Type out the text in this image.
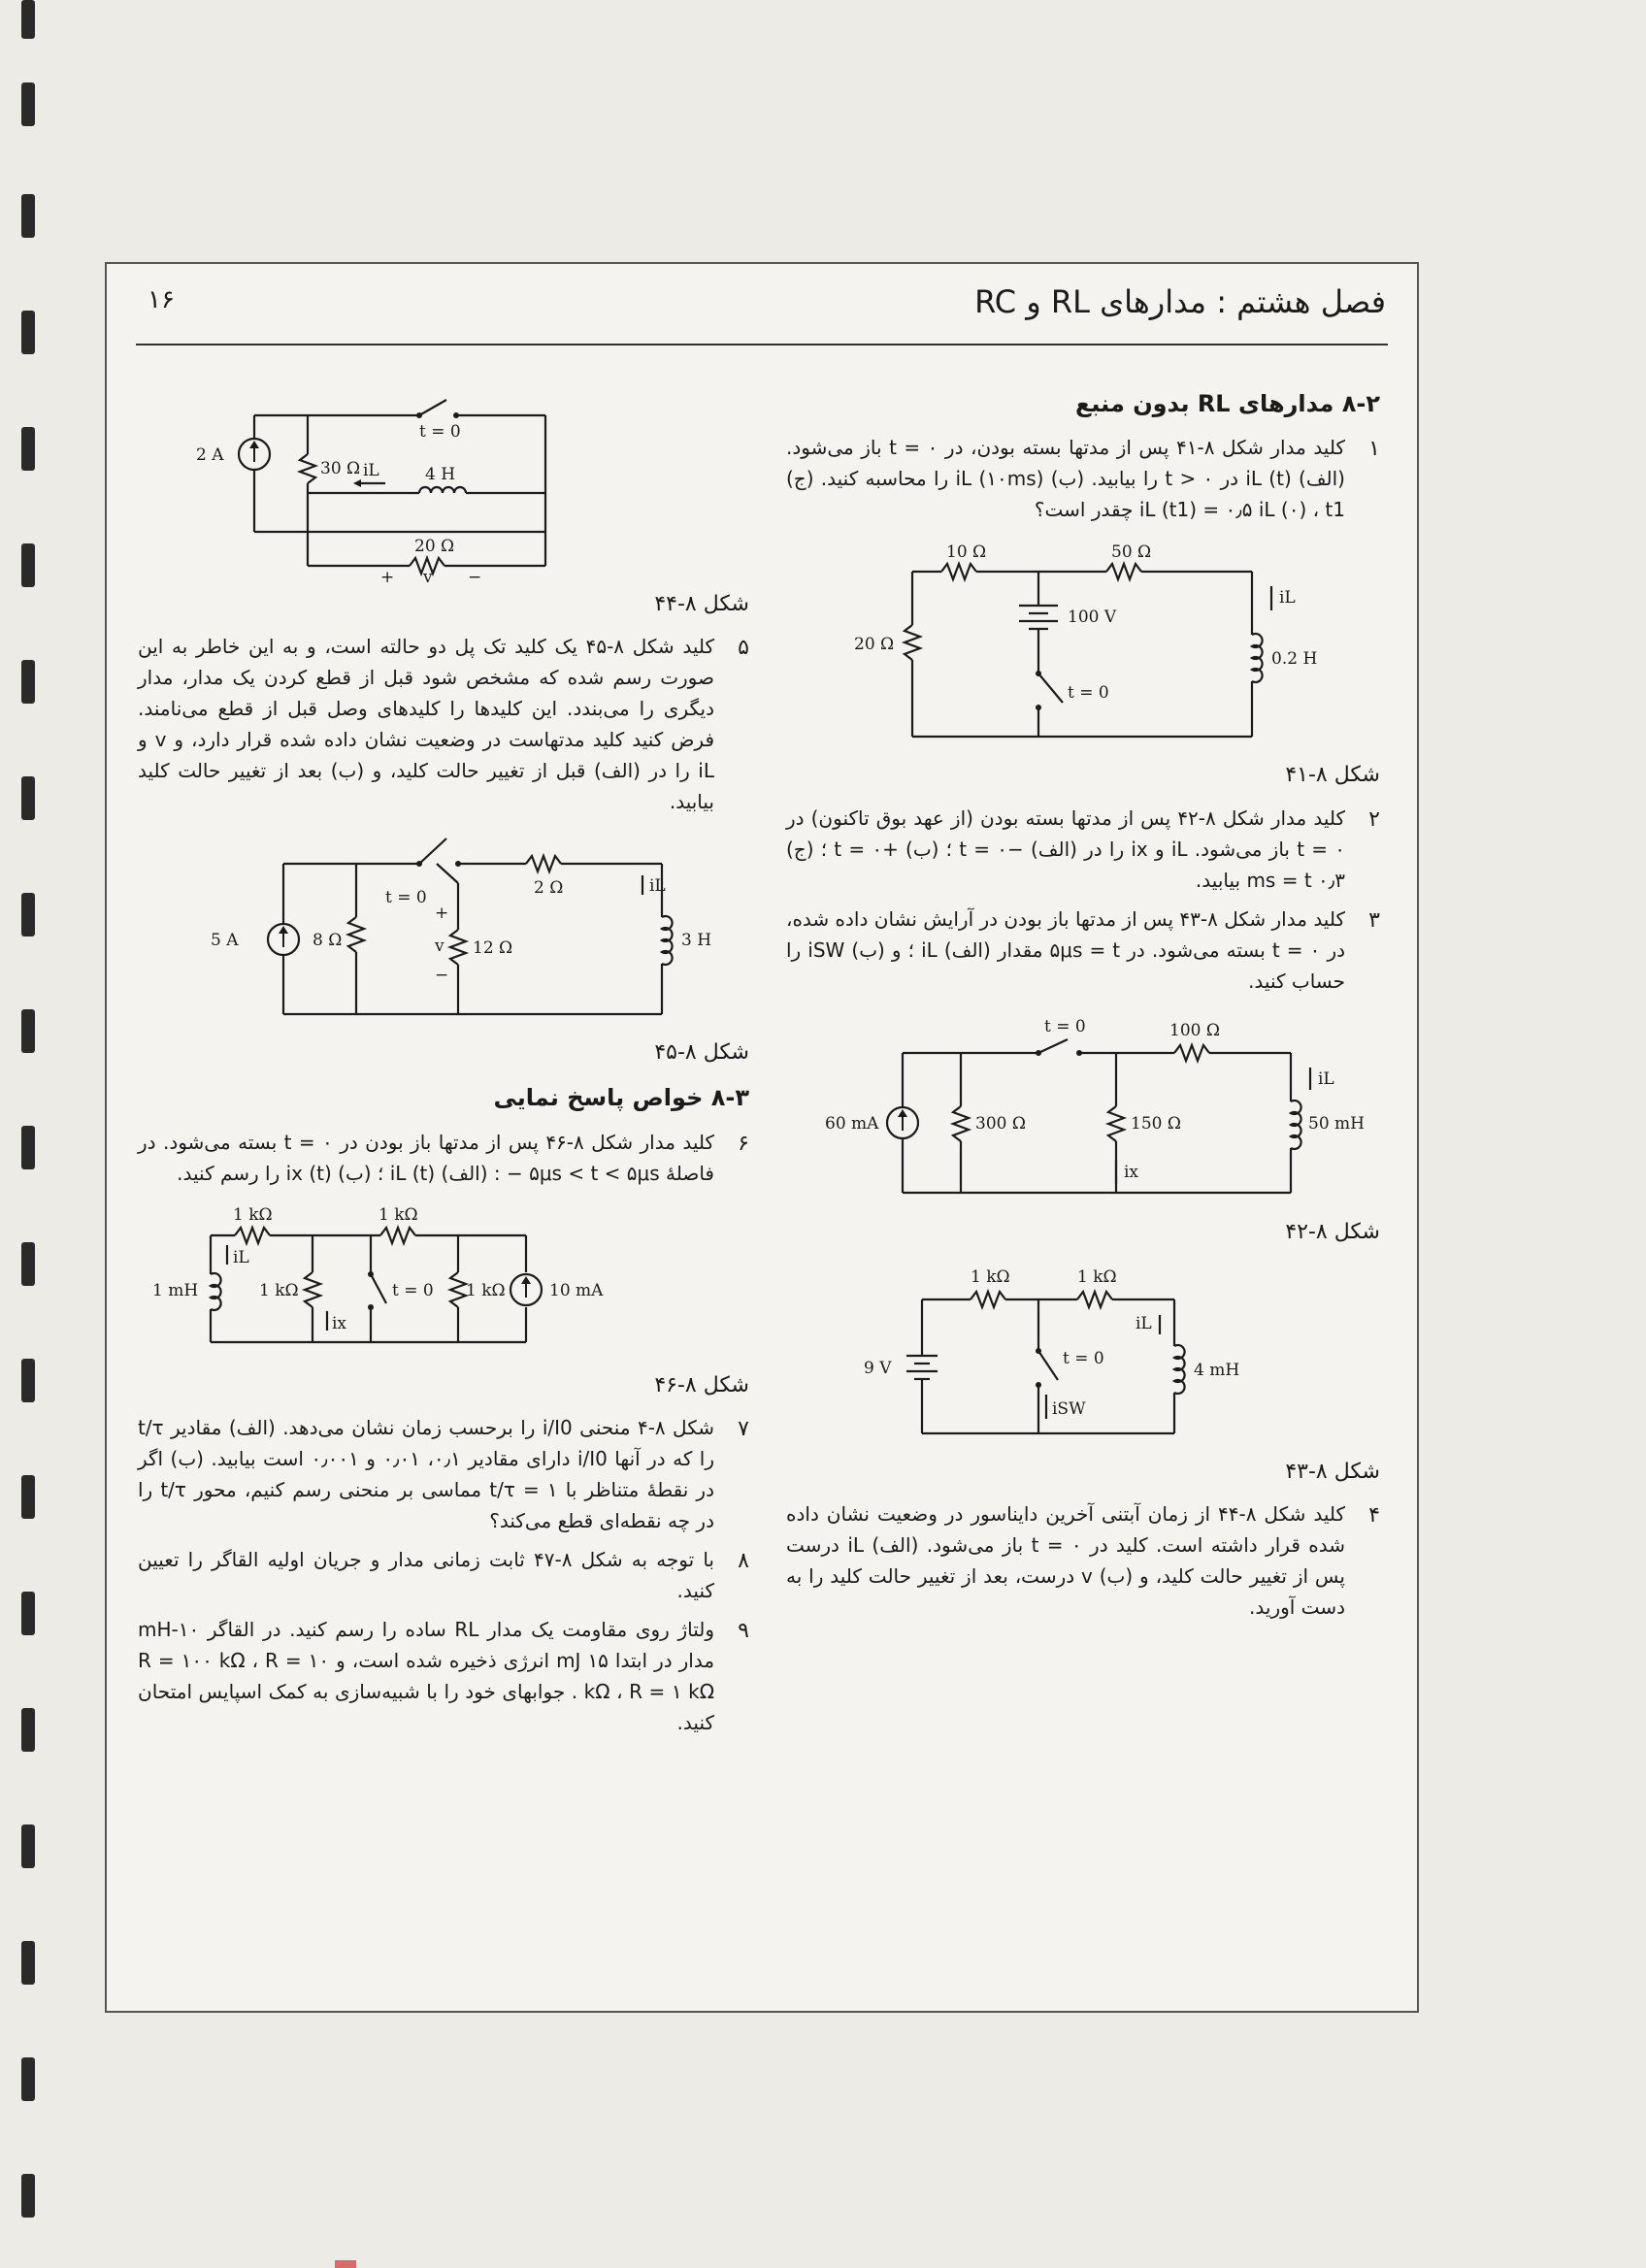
۱۶	فصل هشتم : مدارهای RL و RC
۸-۲ مدارهای RL بدون منبع
۱
کلید مدار شکل ۸-۴۱ پس از مدتها بسته بودن، در ۰ = t باز می‌شود. (الف) iL (t) در ۰ < t را بیابید. (ب) iL (۱۰ms) را محاسبه کنید. (ج) iL (t1) = ۰٫۵ iL (۰) ، t1 چقدر است؟
10 Ω	50 Ω
100 V
20 Ω
0.2 H
t = 0
iL
شکل ۸-۴۱
۲
کلید مدار شکل ۸-۴۲ پس از مدتها بسته بودن (از عهد بوق تاکنون) در ۰ = t باز می‌شود. iL و ix را در (الف) −۰ = t ؛ (ب) +۰ = t ؛ (ج) ۰٫۳ ms = t بیابید.
۳
کلید مدار شکل ۸-۴۳ پس از مدتها باز بودن در آرایش نشان داده شده، در ۰ = t بسته می‌شود. در ۵μs = t مقدار (الف) iL ؛ و (ب) iSW را حساب کنید.
t = 0	100 Ω
60 mA	300 Ω	150 Ω	50 mH
iL
ix
شکل ۸-۴۲
1 kΩ	1 kΩ
9 V	t = 0
4 mH
iL
iSW
شکل ۸-۴۳
۴
کلید شکل ۸-۴۴ از زمان آبتنی آخرین دایناسور در وضعیت نشان داده شده قرار داشته است. کلید در ۰ = t باز می‌شود. (الف) iL درست پس از تغییر حالت کلید، و (ب) v درست، بعد از تغییر حالت کلید را به دست آورید.
t = 0
2 A
30 Ω iL	4 H
20 Ω
+ v −
شکل ۸-۴۴
۵
کلید شکل ۸-۴۵ یک کلید تک پل دو حالته است، و به این خاطر به این صورت رسم شده که مشخص شود قبل از قطع کردن یک مدار، مدار دیگری را می‌بندد. این کلیدها را کلیدهای وصل قبل از قطع می‌نامند. فرض کنید کلید مدتهاست در وضعیت نشان داده شده قرار دارد، و v و iL را در (الف) قبل از تغییر حالت کلید، و (ب) بعد از تغییر حالت کلید بیابید.
t = 0	2 Ω	iL
5 A	8 Ω	12 Ω	3 H
+
v
−
شکل ۸-۴۵
۸-۳ خواص پاسخ نمایی
۶
کلید مدار شکل ۸-۴۶ پس از مدتها باز بودن در ۰ = t بسته می‌شود. در فاصلهٔ ۵μs < t < ۵μs − : (الف) iL (t) ؛ (ب) ix (t) را رسم کنید.
1 kΩ	1 kΩ
1 mH
iL
1 kΩ
ix
t = 0 1 kΩ	10 mA
شکل ۸-۴۶
۷
شکل ۸-۴ منحنی i/I0 را برحسب زمان نشان می‌دهد. (الف) مقادیر t/τ را که در آنها i/I0 دارای مقادیر ۰٫۱، ۰٫۰۱ و ۰٫۰۰۱ است بیابید. (ب) اگر در نقطهٔ متناظر با ۱ = t/τ مماسی بر منحنی رسم کنیم، محور t/τ را در چه نقطه‌ای قطع می‌کند؟
۸
با توجه به شکل ۸-۴۷ ثابت زمانی مدار و جریان اولیه القاگر را تعیین کنید.
۹
ولتاژ روی مقاومت یک مدار RL ساده را رسم کنید. در القاگر ۱۰-mH مدار در ابتدا ۱۵ mJ انرژی ذخیره شده است، و R = ۱۰۰ kΩ ، R = ۱۰ kΩ ، R = ۱ kΩ . جوابهای خود را با شبیه‌سازی به کمک اسپایس امتحان کنید.
